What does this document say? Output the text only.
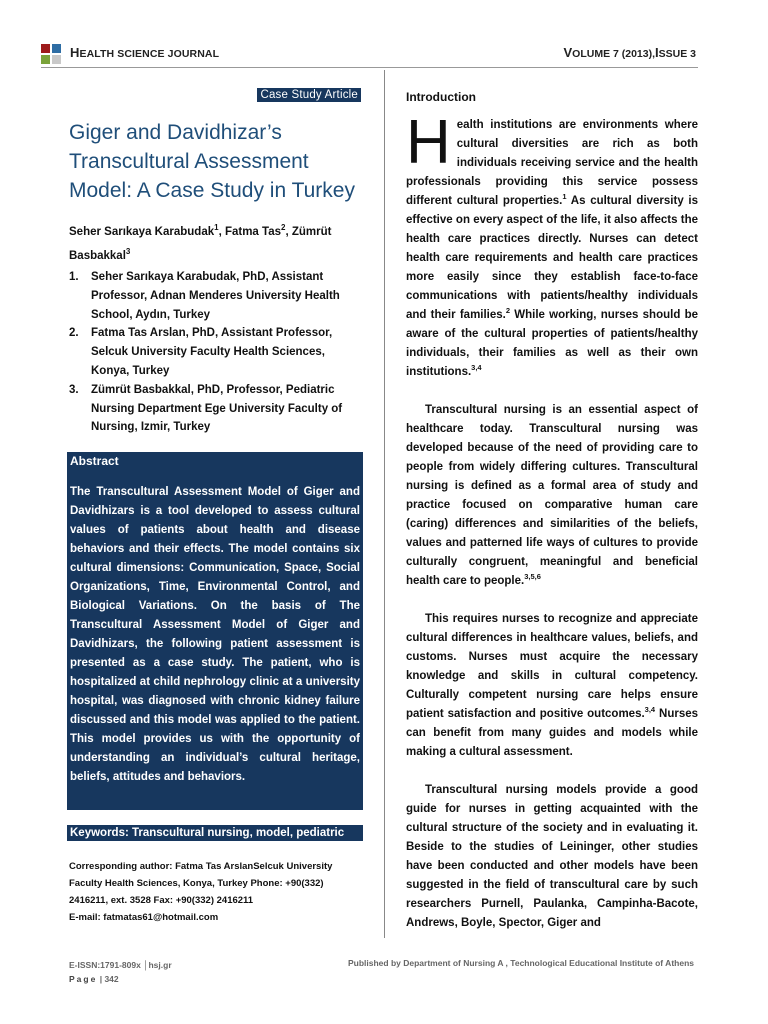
HEALTH SCIENCE JOURNAL	VOLUME 7 (2013),ISSUE 3
Case Study Article
Giger and Davidhizar’s Transcultural Assessment Model: A Case Study in Turkey
Seher Sarıkaya Karabudak$^1$, Fatma Tas$^2$, Zümrüt Basbakkal$^3$
1. Seher Sarıkaya Karabudak, PhD, Assistant Professor, Adnan Menderes University Health School, Aydın, Turkey
2. Fatma Tas Arslan, PhD, Assistant Professor, Selcuk University Faculty Health Sciences, Konya, Turkey
3. Zümrüt Basbakkal, PhD, Professor, Pediatric Nursing Department Ege University Faculty of Nursing, Izmir, Turkey
Abstract

The Transcultural Assessment Model of Giger and Davidhizars is a tool developed to assess cultural values of patients about health and disease behaviors and their effects. The model contains six cultural dimensions: Communication, Space, Social Organizations, Time, Environmental Control, and Biological Variations. On the basis of The Transcultural Assessment Model of Giger and Davidhizars, the following patient assessment is presented as a case study. The patient, who is hospitalized at child nephrology clinic at a university hospital, was diagnosed with chronic kidney failure discussed and this model was applied to the patient. This model provides us with the opportunity of understanding an individual’s cultural heritage, beliefs, attitudes and behaviors.

Keywords: Transcultural nursing, model, pediatric
Corresponding author: Fatma Tas ArslanSelcuk University
Faculty Health Sciences, Konya, Turkey Phone: +90(332)
2416211, ext. 3528 Fax: +90(332) 2416211
E-mail: fatmatas61@hotmail.com
Introduction

Health institutions are environments where cultural diversities are rich as both individuals receiving service and the health professionals providing this service possess different cultural properties.$^1$ As cultural diversity is effective on every aspect of the life, it also affects the health care practices directly. Nurses can detect health care requirements and health care practices more easily since they establish face-to-face communications with patients/healthy individuals and their families.$^2$ While working, nurses should be aware of the cultural properties of patients/healthy individuals, their families as well as their own institutions.$^{3,4}$

Transcultural nursing is an essential aspect of healthcare today. Transcultural nursing was developed because of the need of providing care to people from widely differing cultures. Transcultural nursing is defined as a formal area of study and practice focused on comparative human care (caring) differences and similarities of the beliefs, values and patterned life ways of cultures to provide culturally congruent, meaningful and beneficial health care to people.$^{3,5,6}$

This requires nurses to recognize and appreciate cultural differences in healthcare values, beliefs, and customs. Nurses must acquire the necessary knowledge and skills in cultural competency. Culturally competent nursing care helps ensure patient satisfaction and positive outcomes.$^{3,4}$ Nurses can benefit from many guides and models while making a cultural assessment.

Transcultural nursing models provide a good guide for nurses in getting acquainted with the cultural structure of the society and in evaluating it. Beside to the studies of Leininger, other studies have been conducted and other models have been suggested in the field of transcultural care by such researchers Purnell, Paulanka, Campinha-Bacote, Andrews, Boyle, Spector, Giger and

E-ISSN:1791-809x │hsj.gr
Page | 342
Published by Department of Nursing A , Technological Educational Institute of Athens
